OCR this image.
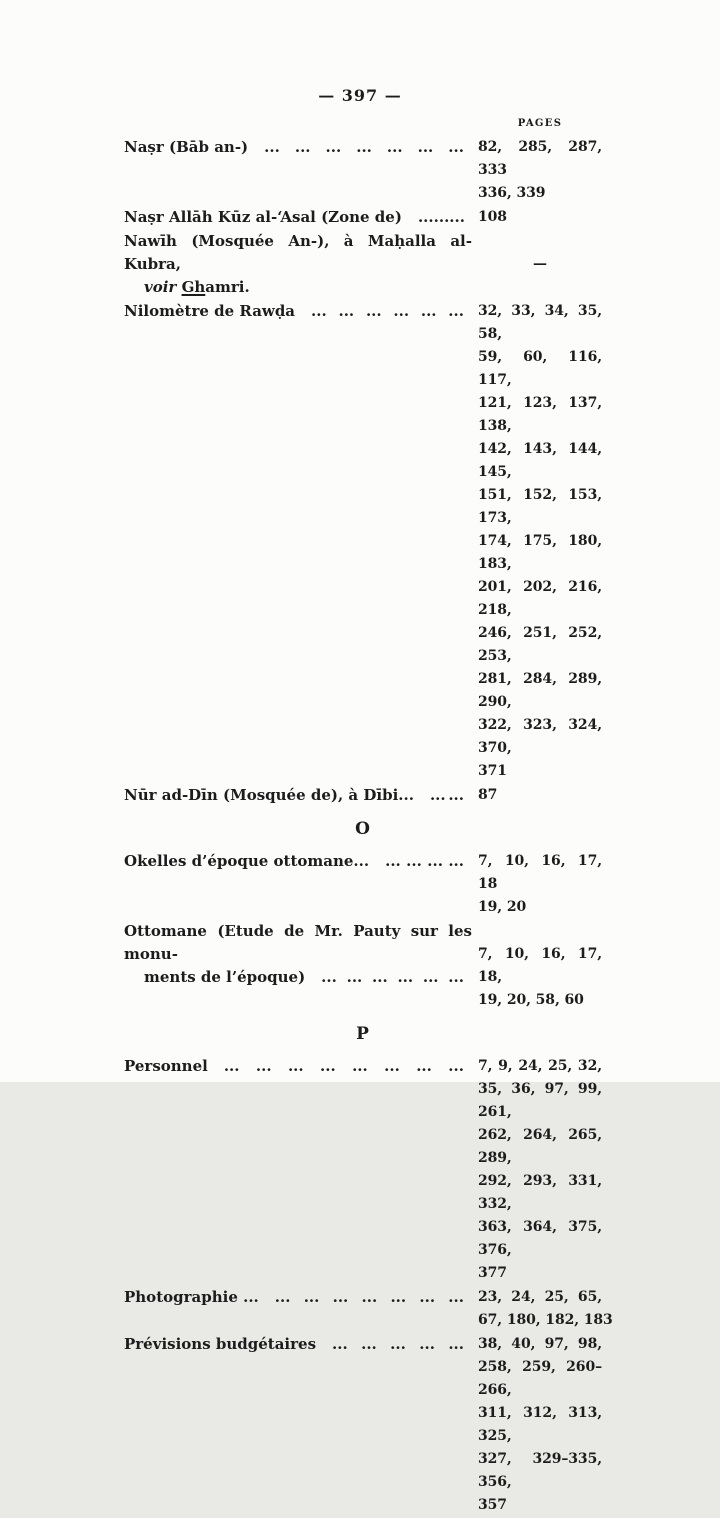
— 397 —
PAGES
Naṣr (Bāb an-) ... ... ... ... ... ... ... 82, 285, 287, 333
336, 339
Naṣr Allāh Kūz al-‘Asal (Zone de) ... ... ... 108
Nawīh (Mosquée An-), à Maḥalla al-Kubra,
voir Ghamri.
—
Nilomètre de Rawḍa ... ... ... ... ... ... 32, 33, 34, 35, 58,
59, 60, 116, 117,
121, 123, 137, 138,
142, 143, 144, 145,
151, 152, 153, 173,
174, 175, 180, 183,
201, 202, 216, 218,
246, 251, 252, 253,
281, 284, 289, 290,
322, 323, 324, 370,
371
Nūr ad-Dīn (Mosquée de), à Dībi... ... ... 87
O
Okelles d’époque ottomane... ... ... ... ... 7, 10, 16, 17, 18
19, 20
Ottomane (Etude de Mr. Pauty sur les monu-
ments de l’époque) ... ... ... ... ... ...
7, 10, 16, 17, 18,
19, 20, 58, 60
P
Personnel ... ... ... ... ... ... ... ... 7, 9, 24, 25, 32,
35, 36, 97, 99, 261,
262, 264, 265, 289,
292, 293, 331, 332,
363, 364, 375, 376,
377
Photographie ... ... ... ... ... ... ... ... 23, 24, 25, 65,
67, 180, 182, 183
Prévisions budgétaires ... ... ... ... ... 38, 40, 97, 98,
258, 259, 260–266,
311, 312, 313, 325,
327, 329–335, 356,
357
